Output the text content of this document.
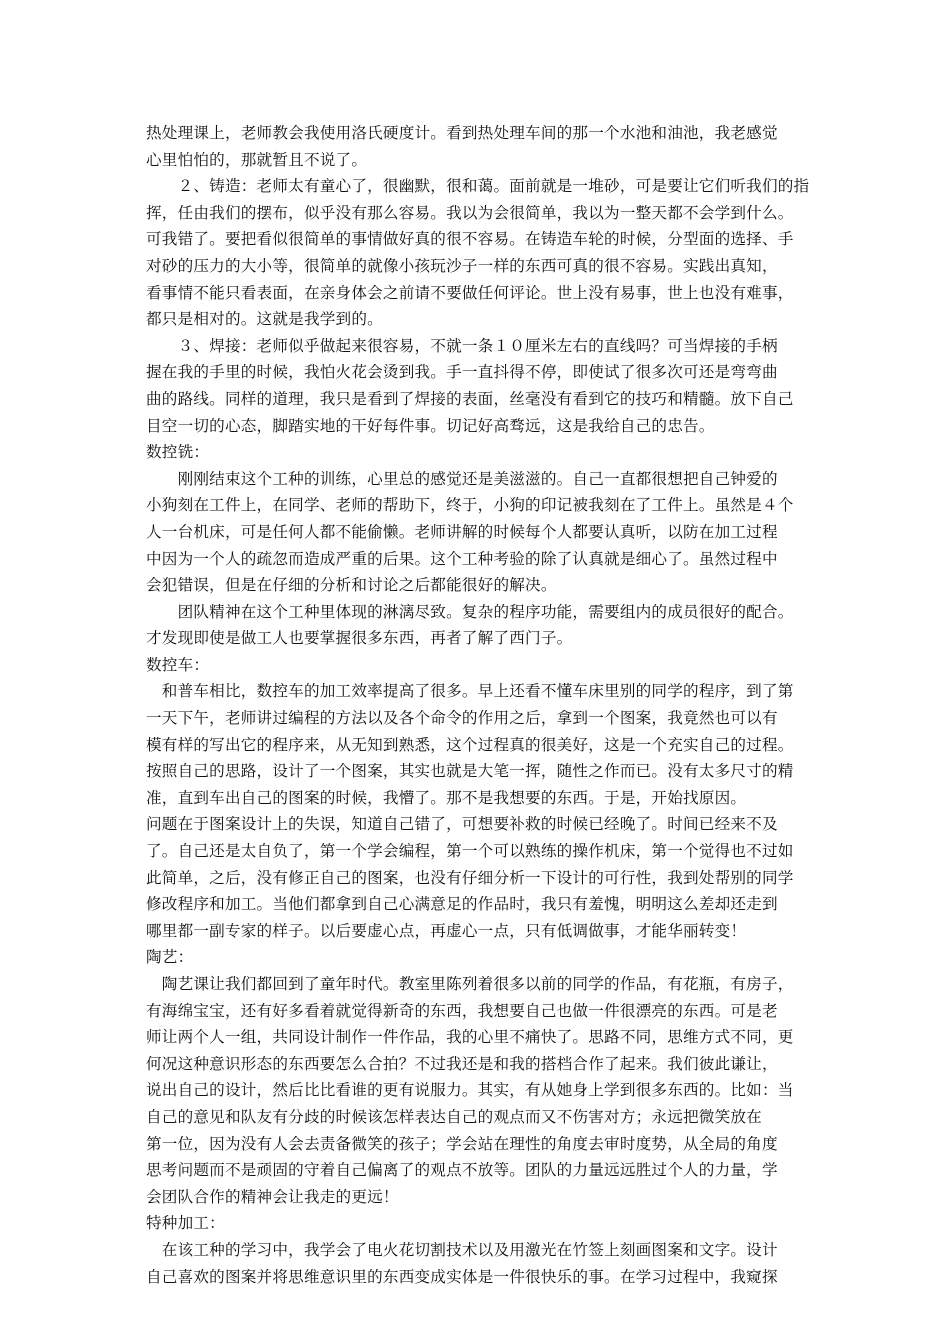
热处理课上，老师教会我使用洛氏硬度计。看到热处理车间的那一个水池和油池，我老感觉
心里怕怕的，那就暂且不说了。
　　２、铸造：老师太有童心了，很幽默，很和蔼。面前就是一堆砂，可是要让它们听我们的指
挥，任由我们的摆布，似乎没有那么容易。我以为会很简单，我以为一整天都不会学到什么。
可我错了。要把看似很简单的事情做好真的很不容易。在铸造车轮的时候，分型面的选择、手
对砂的压力的大小等，很简单的就像小孩玩沙子一样的东西可真的很不容易。实践出真知，
看事情不能只看表面，在亲身体会之前请不要做任何评论。世上没有易事，世上也没有难事，
都只是相对的。这就是我学到的。
　　３、焊接：老师似乎做起来很容易，不就一条１０厘米左右的直线吗？可当焊接的手柄
握在我的手里的时候，我怕火花会烫到我。手一直抖得不停，即使试了很多次可还是弯弯曲
曲的路线。同样的道理，我只是看到了焊接的表面，丝毫没有看到它的技巧和精髓。放下自己
目空一切的心态，脚踏实地的干好每件事。切记好高骛远，这是我给自己的忠告。
数控铣：
　　刚刚结束这个工种的训练，心里总的感觉还是美滋滋的。自己一直都很想把自己钟爱的
小狗刻在工件上，在同学、老师的帮助下，终于，小狗的印记被我刻在了工件上。虽然是４个
人一台机床，可是任何人都不能偷懒。老师讲解的时候每个人都要认真听，以防在加工过程
中因为一个人的疏忽而造成严重的后果。这个工种考验的除了认真就是细心了。虽然过程中
会犯错误，但是在仔细的分析和讨论之后都能很好的解决。
　　团队精神在这个工种里体现的淋漓尽致。复杂的程序功能，需要组内的成员很好的配合。
才发现即使是做工人也要掌握很多东西，再者了解了西门子。
数控车：
　和普车相比，数控车的加工效率提高了很多。早上还看不懂车床里别的同学的程序，到了第
一天下午，老师讲过编程的方法以及各个命令的作用之后，拿到一个图案，我竟然也可以有
模有样的写出它的程序来，从无知到熟悉，这个过程真的很美好，这是一个充实自己的过程。
按照自己的思路，设计了一个图案，其实也就是大笔一挥，随性之作而已。没有太多尺寸的精
准，直到车出自己的图案的时候，我懵了。那不是我想要的东西。于是，开始找原因。
问题在于图案设计上的失误，知道自己错了，可想要补救的时候已经晚了。时间已经来不及
了。自己还是太自负了，第一个学会编程，第一个可以熟练的操作机床，第一个觉得也不过如
此简单，之后，没有修正自己的图案，也没有仔细分析一下设计的可行性，我到处帮别的同学
修改程序和加工。当他们都拿到自己心满意足的作品时，我只有羞愧，明明这么差却还走到
哪里都一副专家的样子。以后要虚心点，再虚心一点，只有低调做事，才能华丽转变！
陶艺：
　陶艺课让我们都回到了童年时代。教室里陈列着很多以前的同学的作品，有花瓶，有房子，
有海绵宝宝，还有好多看着就觉得新奇的东西，我想要自己也做一件很漂亮的东西。可是老
师让两个人一组，共同设计制作一件作品，我的心里不痛快了。思路不同，思维方式不同，更
何况这种意识形态的东西要怎么合拍？不过我还是和我的搭档合作了起来。我们彼此谦让，
说出自己的设计，然后比比看谁的更有说服力。其实，有从她身上学到很多东西的。比如：当
自己的意见和队友有分歧的时候该怎样表达自己的观点而又不伤害对方；永远把微笑放在
第一位，因为没有人会去责备微笑的孩子；学会站在理性的角度去审时度势，从全局的角度
思考问题而不是顽固的守着自己偏离了的观点不放等。团队的力量远远胜过个人的力量，学
会团队合作的精神会让我走的更远！
特种加工：
　在该工种的学习中，我学会了电火花切割技术以及用激光在竹签上刻画图案和文字。设计
自己喜欢的图案并将思维意识里的东西变成实体是一件很快乐的事。在学习过程中，我窥探
